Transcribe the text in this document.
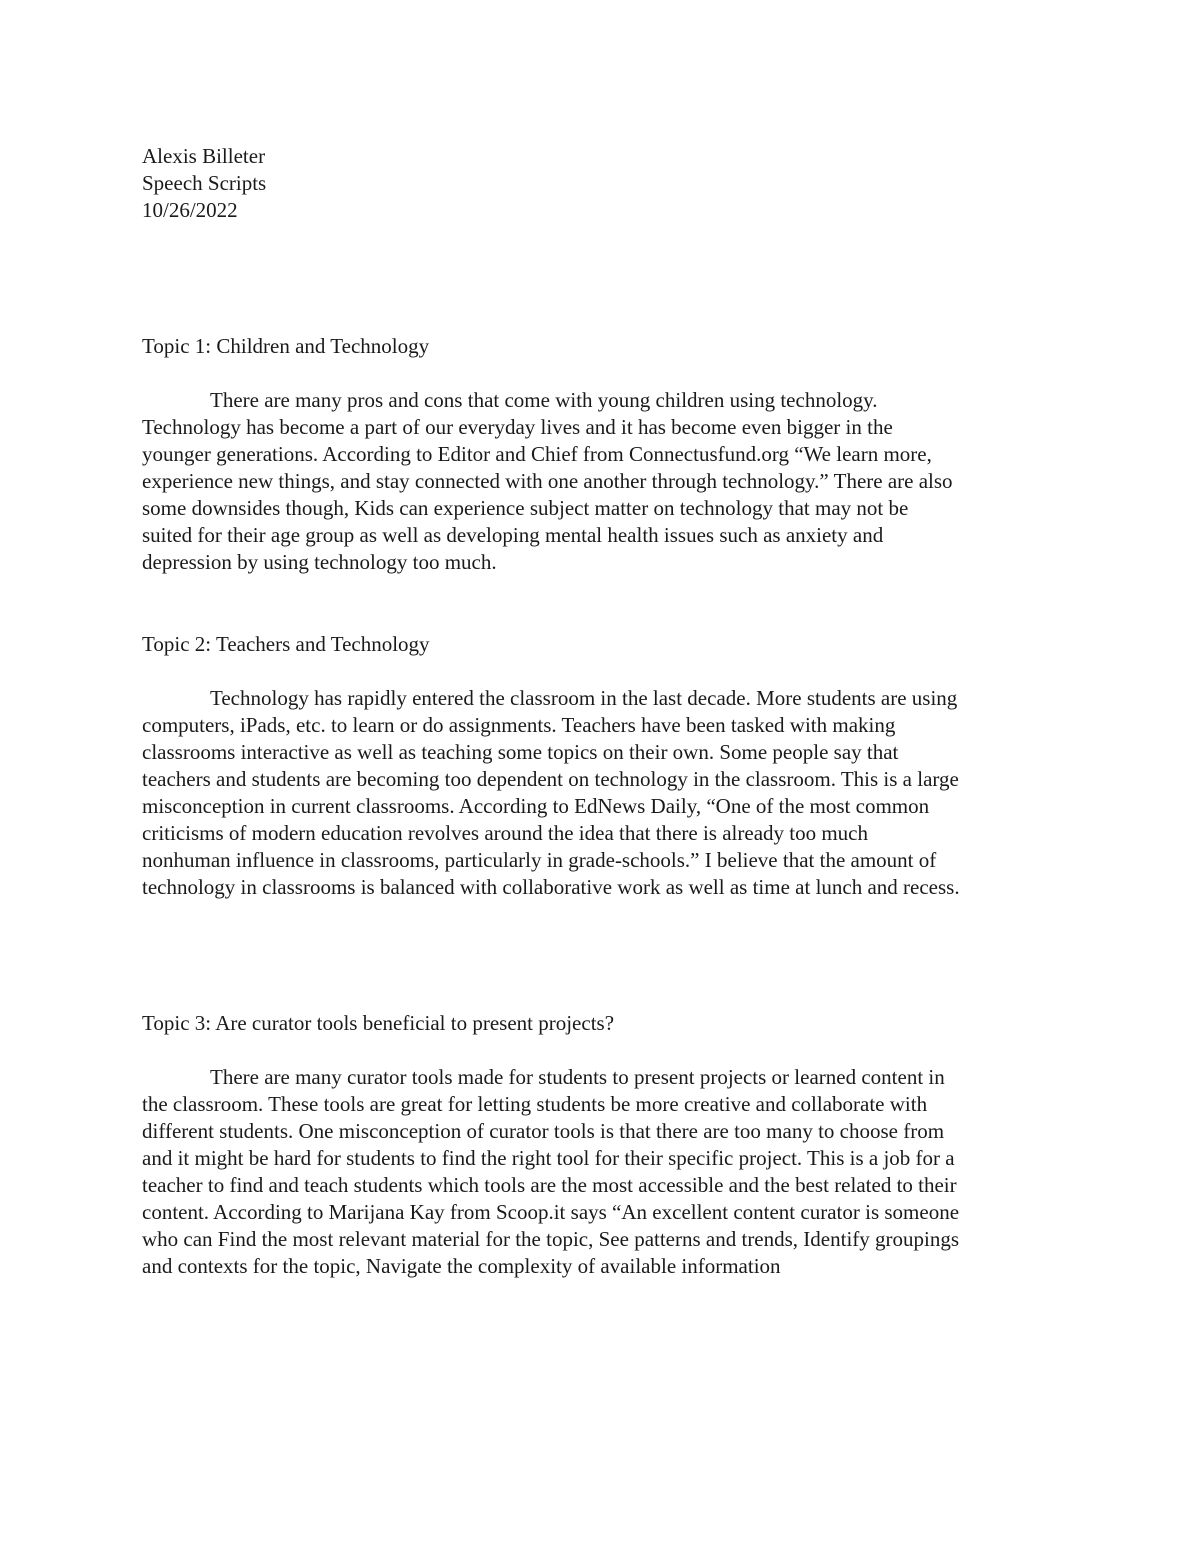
Alexis Billeter
Speech Scripts
10/26/2022
Topic 1: Children and Technology
There are many pros and cons that come with young children using technology.
Technology has become a part of our everyday lives and it has become even bigger in the
younger generations. According to Editor and Chief from Connectusfund.org “We learn more,
experience new things, and stay connected with one another through technology.” There are also
some downsides though, Kids can experience subject matter on technology that may not be
suited for their age group as well as developing mental health issues such as anxiety and
depression by using technology too much.
Topic 2: Teachers and Technology
Technology has rapidly entered the classroom in the last decade. More students are using
computers, iPads, etc. to learn or do assignments. Teachers have been tasked with making
classrooms interactive as well as teaching some topics on their own. Some people say that
teachers and students are becoming too dependent on technology in the classroom. This is a large
misconception in current classrooms. According to EdNews Daily, “One of the most common
criticisms of modern education revolves around the idea that there is already too much
nonhuman influence in classrooms, particularly in grade-schools.” I believe that the amount of
technology in classrooms is balanced with collaborative work as well as time at lunch and recess.
Topic 3: Are curator tools beneficial to present projects?
There are many curator tools made for students to present projects or learned content in
the classroom. These tools are great for letting students be more creative and collaborate with
different students. One misconception of curator tools is that there are too many to choose from
and it might be hard for students to find the right tool for their specific project. This is a job for a
teacher to find and teach students which tools are the most accessible and the best related to their
content. According to Marijana Kay from Scoop.it says “An excellent content curator is someone
who can Find the most relevant material for the topic, See patterns and trends, Identify groupings
and contexts for the topic, Navigate the complexity of available information
